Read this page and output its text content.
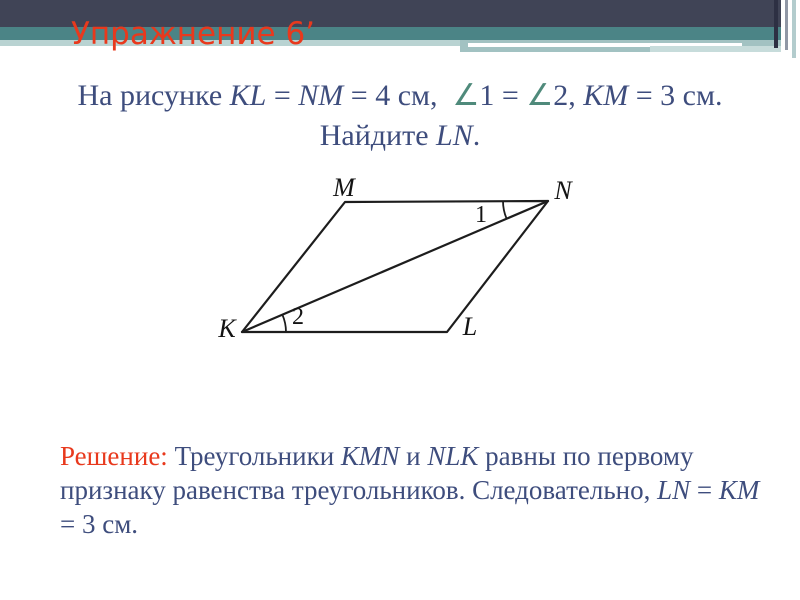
Упражнение 6’
На рисунке KL = NM = 4 см,  ∠1 = ∠2, KM = 3 см.
Найдите LN.
M	N
K	L
1
2
Решение: Треугольники KMN и NLK равны по первому
признаку равенства треугольников. Следовательно, LN = KM
= 3 см.
